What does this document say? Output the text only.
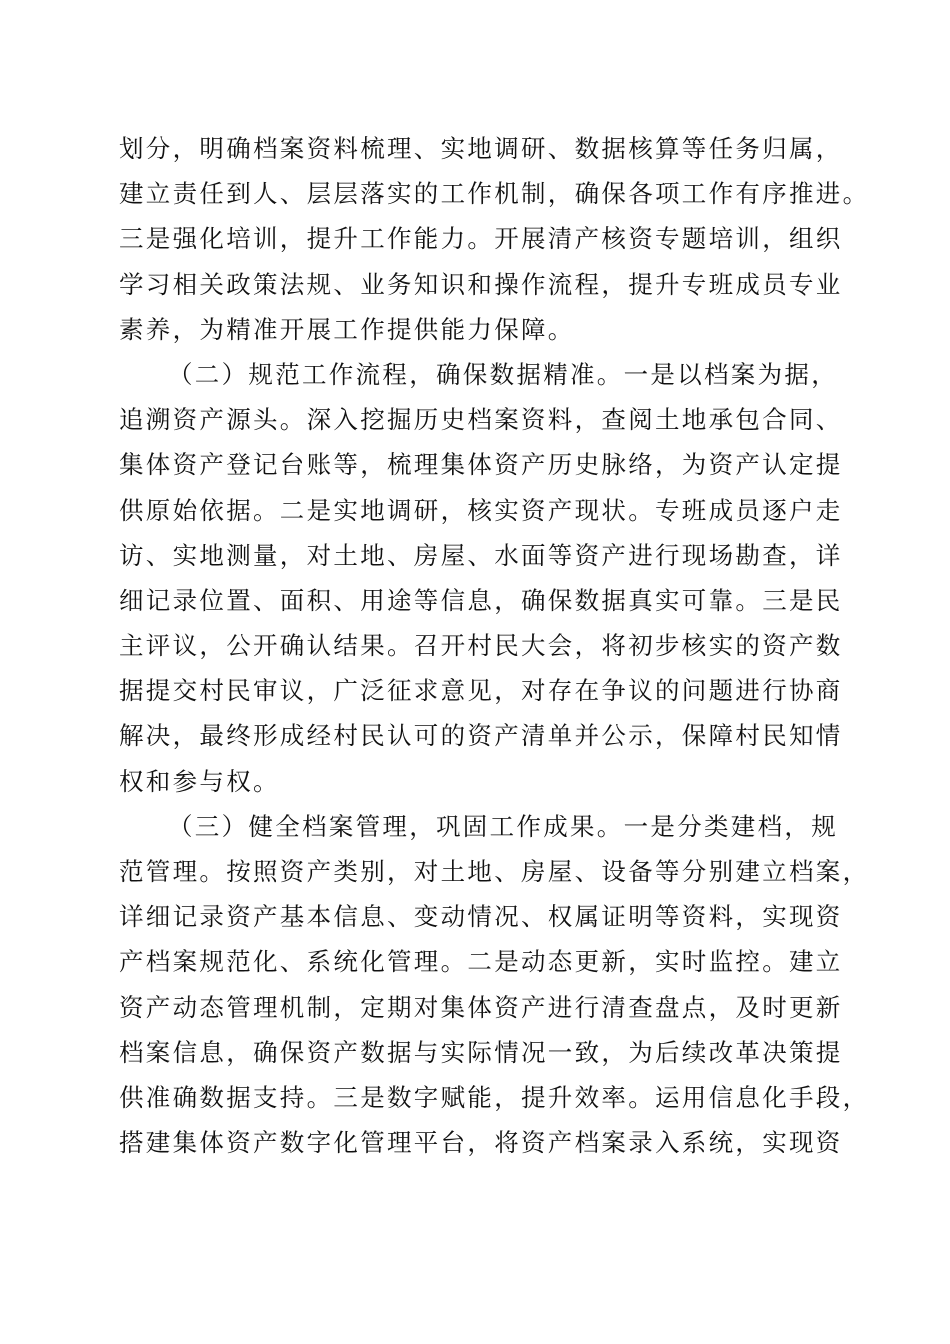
划分，明确档案资料梳理、实地调研、数据核算等任务归属，
建立责任到人、层层落实的工作机制，确保各项工作有序推进。
三是强化培训，提升工作能力。开展清产核资专题培训，组织
学习相关政策法规、业务知识和操作流程，提升专班成员专业
素养，为精准开展工作提供能力保障。
（二）规范工作流程，确保数据精准。一是以档案为据，
追溯资产源头。深入挖掘历史档案资料，查阅土地承包合同、
集体资产登记台账等，梳理集体资产历史脉络，为资产认定提
供原始依据。二是实地调研，核实资产现状。专班成员逐户走
访、实地测量，对土地、房屋、水面等资产进行现场勘查，详
细记录位置、面积、用途等信息，确保数据真实可靠。三是民
主评议，公开确认结果。召开村民大会，将初步核实的资产数
据提交村民审议，广泛征求意见，对存在争议的问题进行协商
解决，最终形成经村民认可的资产清单并公示，保障村民知情
权和参与权。
（三）健全档案管理，巩固工作成果。一是分类建档，规
范管理。按照资产类别，对土地、房屋、设备等分别建立档案，
详细记录资产基本信息、变动情况、权属证明等资料，实现资
产档案规范化、系统化管理。二是动态更新，实时监控。建立
资产动态管理机制，定期对集体资产进行清查盘点，及时更新
档案信息，确保资产数据与实际情况一致，为后续改革决策提
供准确数据支持。三是数字赋能，提升效率。运用信息化手段，
搭建集体资产数字化管理平台，将资产档案录入系统，实现资
